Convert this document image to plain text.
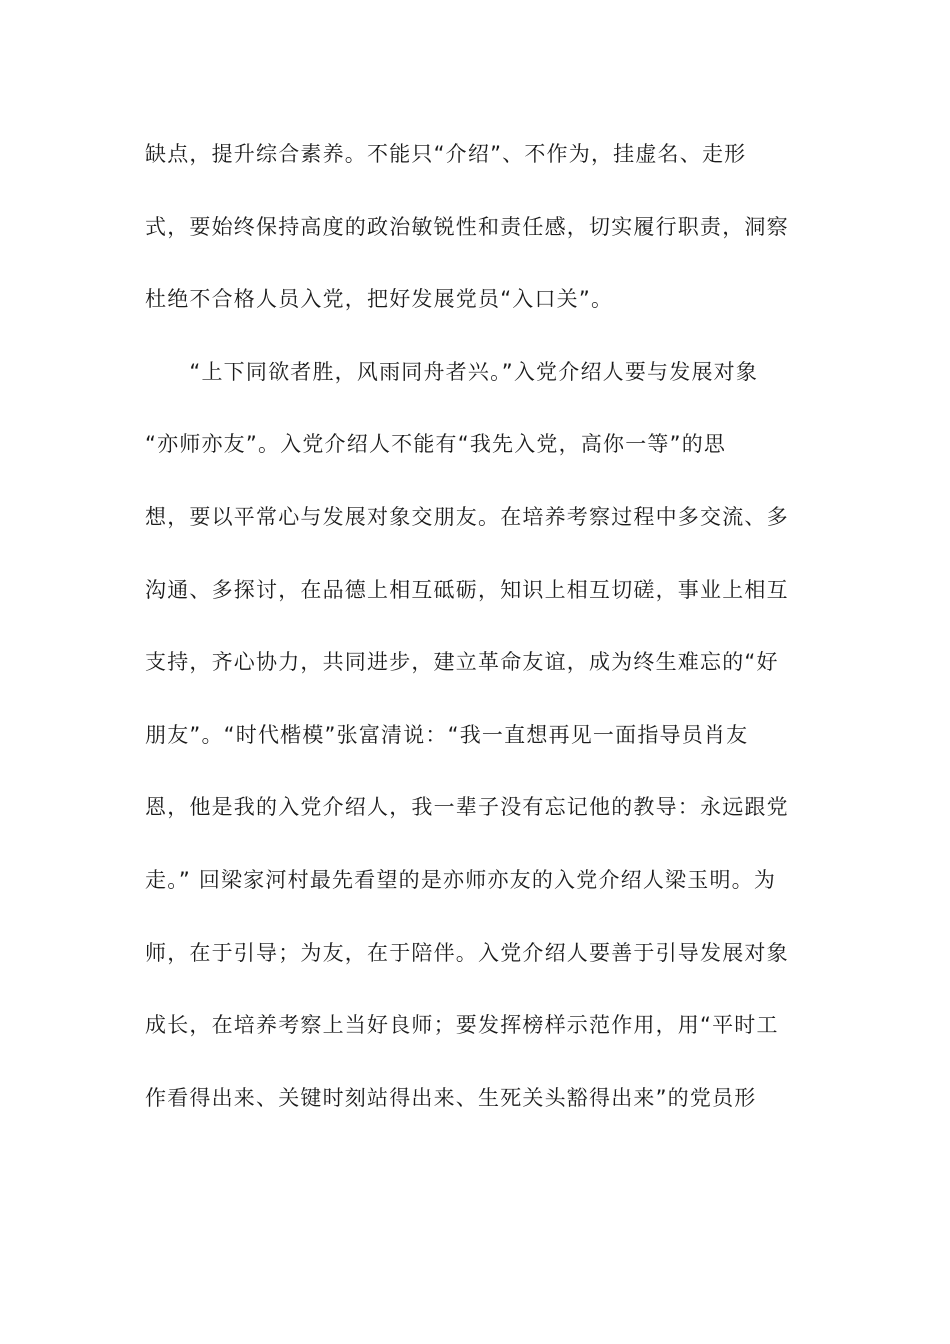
缺点，提升综合素养。不能只“介绍”、不作为，挂虚名、走形
式，要始终保持高度的政治敏锐性和责任感，切实履行职责，洞察
杜绝不合格人员入党，把好发展党员“入口关”。
　　“上下同欲者胜，风雨同舟者兴。”入党介绍人要与发展对象
“亦师亦友”。入党介绍人不能有“我先入党，高你一等”的思
想，要以平常心与发展对象交朋友。在培养考察过程中多交流、多
沟通、多探讨，在品德上相互砥砺，知识上相互切磋，事业上相互
支持，齐心协力，共同进步，建立革命友谊，成为终生难忘的“好
朋友”。“时代楷模”张富清说：“我一直想再见一面指导员肖友
恩，他是我的入党介绍人，我一辈子没有忘记他的教导：永远跟党
走。” 回梁家河村最先看望的是亦师亦友的入党介绍人梁玉明。为
师，在于引导；为友，在于陪伴。入党介绍人要善于引导发展对象
成长，在培养考察上当好良师；要发挥榜样示范作用，用“平时工
作看得出来、关键时刻站得出来、生死关头豁得出来”的党员形
